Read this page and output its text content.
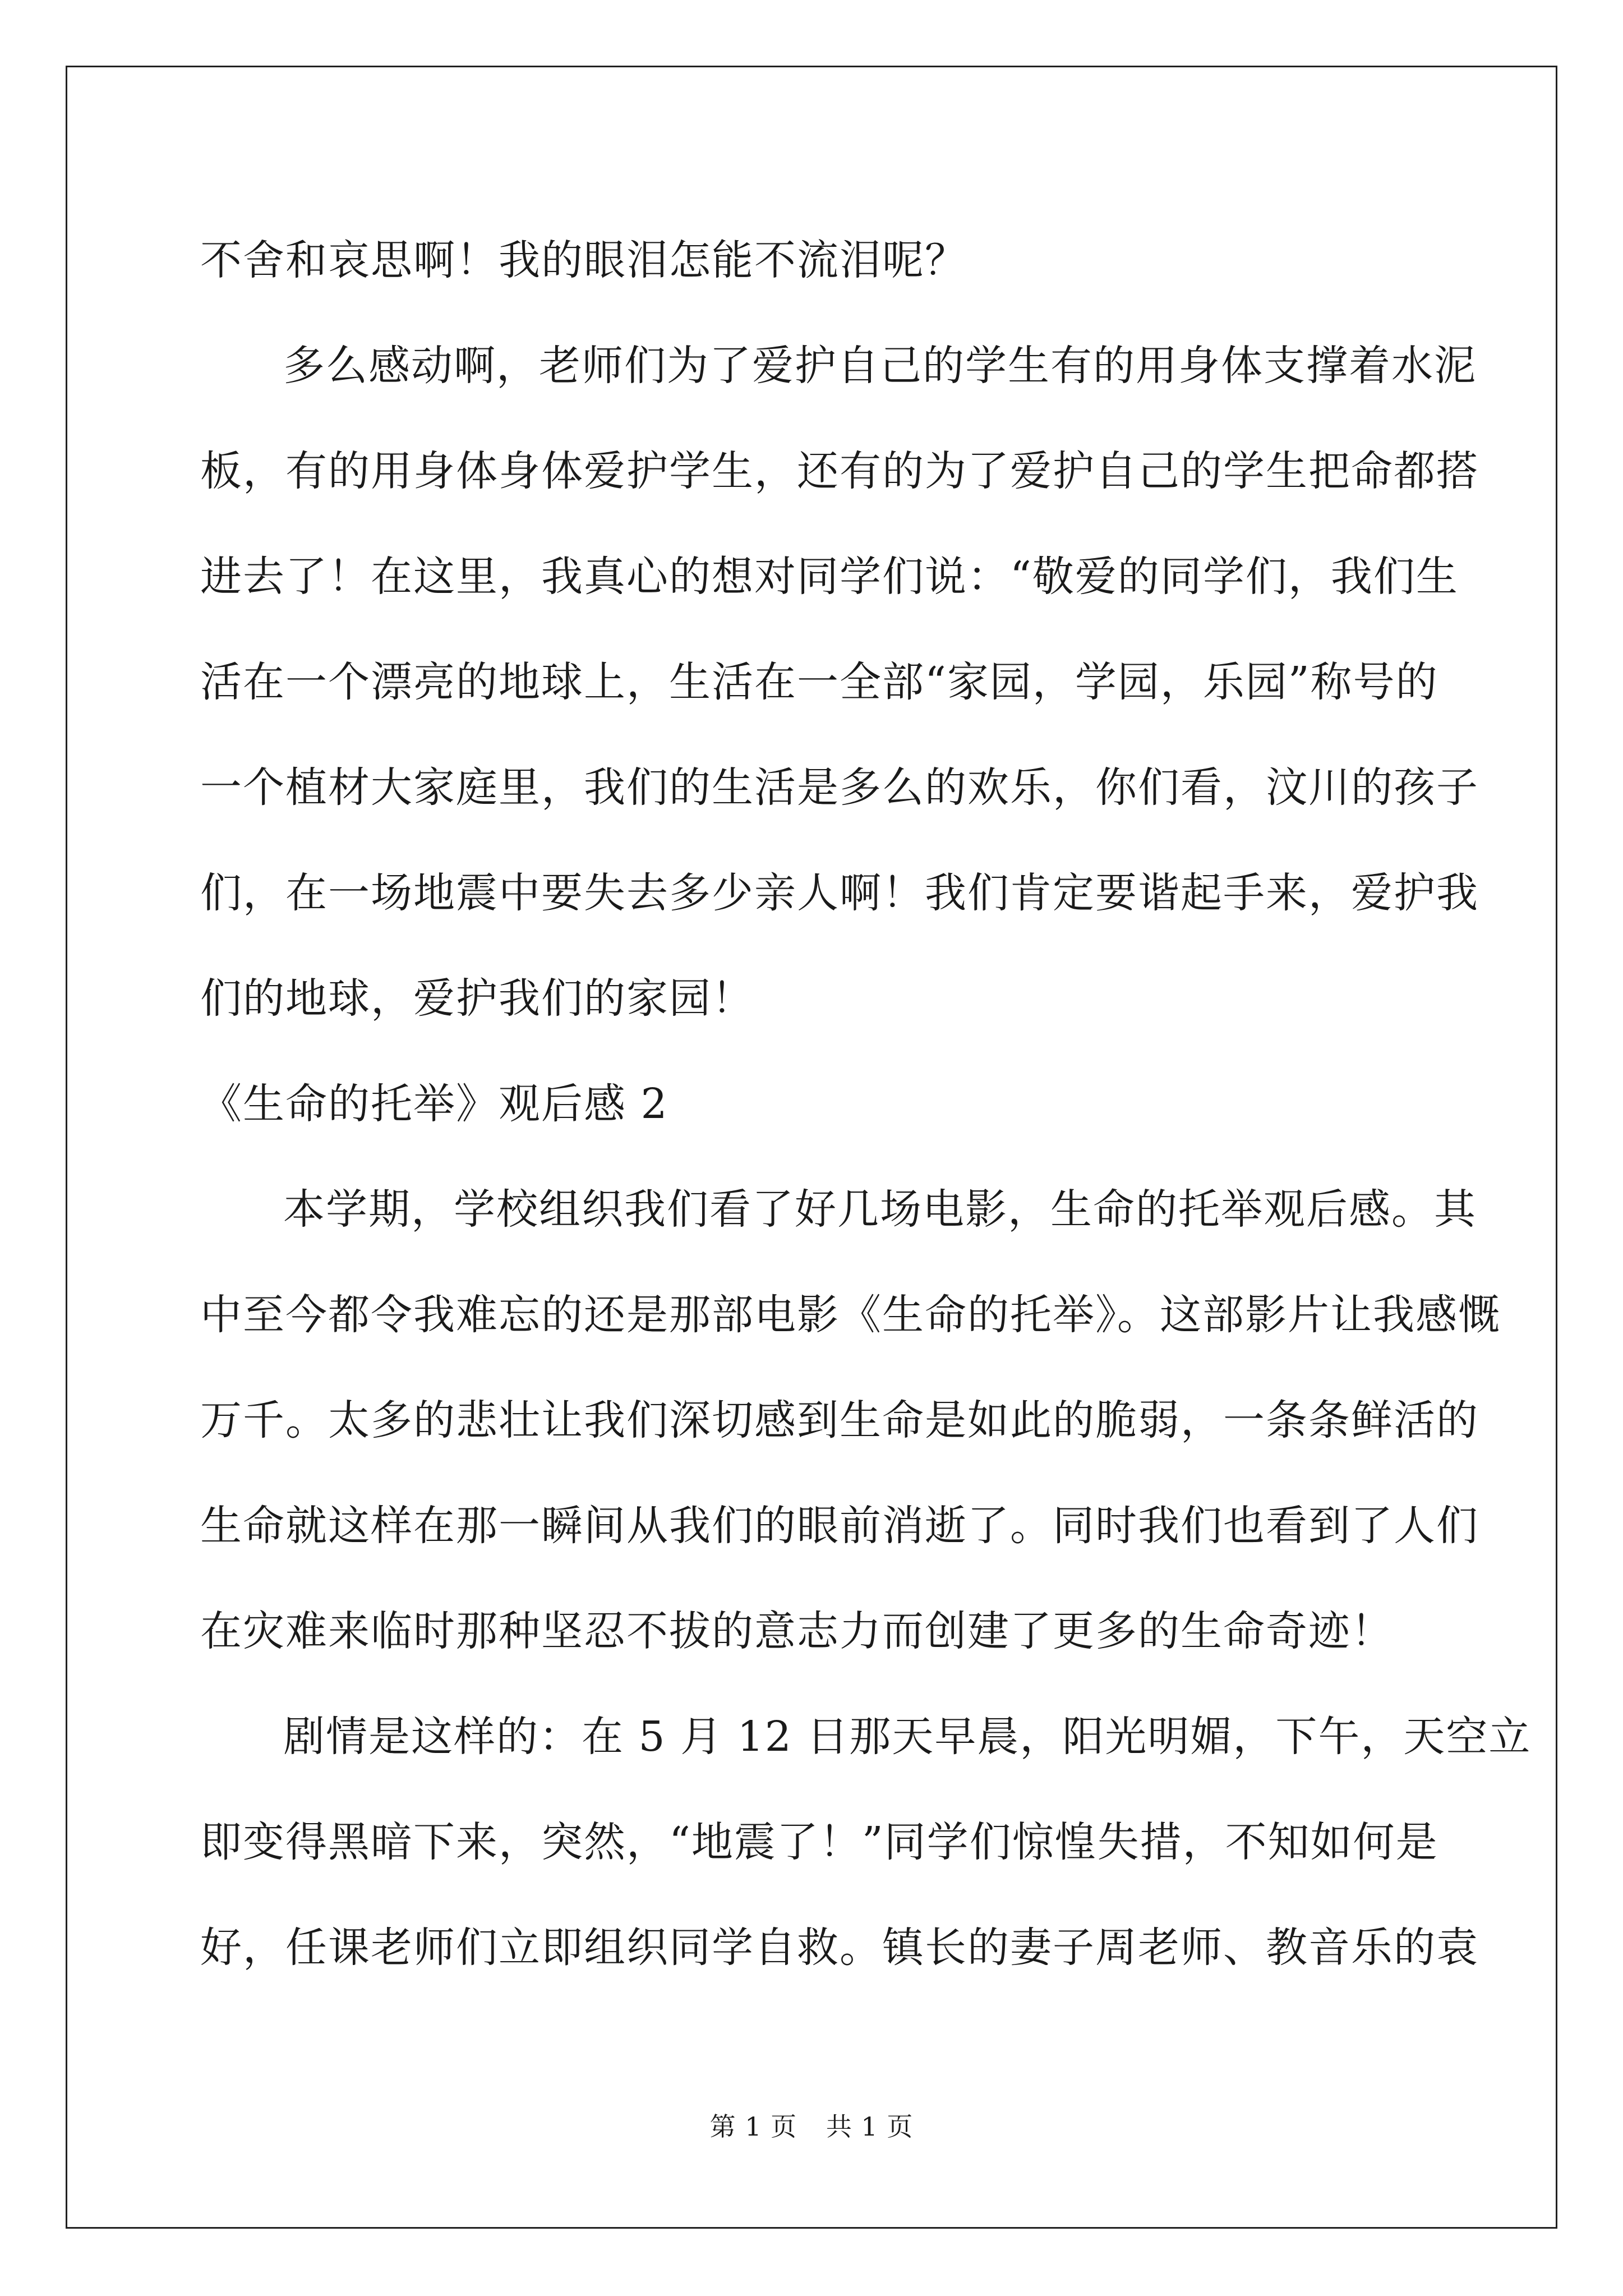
不舍和哀思啊！我的眼泪怎能不流泪呢？
多么感动啊，老师们为了爱护自己的学生有的用身体支撑着水泥
板，有的用身体身体爱护学生，还有的为了爱护自己的学生把命都搭
进去了！在这里，我真心的想对同学们说：“敬爱的同学们，我们生
活在一个漂亮的地球上，生活在一全部“家园，学园，乐园”称号的
一个植材大家庭里，我们的生活是多么的欢乐，你们看，汶川的孩子
们，在一场地震中要失去多少亲人啊！我们肯定要谐起手来，爱护我
们的地球，爱护我们的家园！
《生命的托举》观后感 2
本学期，学校组织我们看了好几场电影，生命的托举观后感。其
中至今都令我难忘的还是那部电影《生命的托举》。这部影片让我感慨
万千。太多的悲壮让我们深切感到生命是如此的脆弱，一条条鲜活的
生命就这样在那一瞬间从我们的眼前消逝了。同时我们也看到了人们
在灾难来临时那种坚忍不拔的意志力而创建了更多的生命奇迹！
剧情是这样的：在 5 月 12 日那天早晨，阳光明媚，下午，天空立
即变得黑暗下来，突然，“地震了！”同学们惊惶失措，不知如何是
好，任课老师们立即组织同学自救。镇长的妻子周老师、教音乐的袁
第 1 页 共 1 页
